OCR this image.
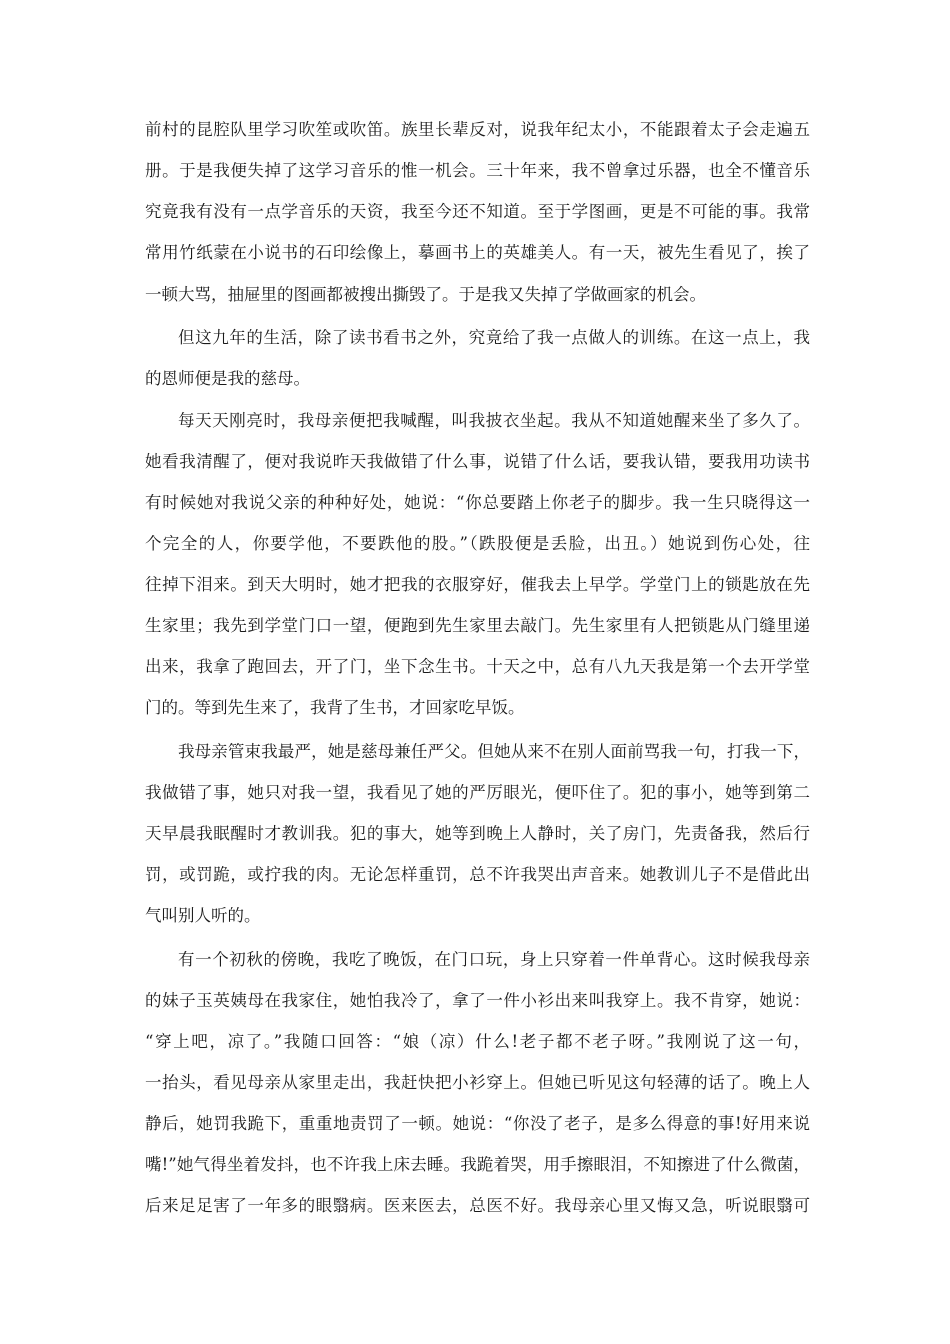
前村的昆腔队里学习吹笙或吹笛。族里长辈反对，说我年纪太小，不能跟着太子会走遍五
册。于是我便失掉了这学习音乐的惟一机会。三十年来，我不曾拿过乐器，也全不懂音乐
究竟我有没有一点学音乐的天资，我至今还不知道。至于学图画，更是不可能的事。我常
常用竹纸蒙在小说书的石印绘像上，摹画书上的英雄美人。有一天，被先生看见了，挨了
一顿大骂，抽屉里的图画都被搜出撕毁了。于是我又失掉了学做画家的机会。
但这九年的生活，除了读书看书之外，究竟给了我一点做人的训练。在这一点上，我
的恩师便是我的慈母。
每天天刚亮时，我母亲便把我喊醒，叫我披衣坐起。我从不知道她醒来坐了多久了。
她看我清醒了，便对我说昨天我做错了什么事，说错了什么话，要我认错，要我用功读书
有时候她对我说父亲的种种好处，她说：“你总要踏上你老子的脚步。我一生只晓得这一
个完全的人，你要学他，不要跌他的股。”（跌股便是丢脸，出丑。）她说到伤心处，往
往掉下泪来。到天大明时，她才把我的衣服穿好，催我去上早学。学堂门上的锁匙放在先
生家里；我先到学堂门口一望，便跑到先生家里去敲门。先生家里有人把锁匙从门缝里递
出来，我拿了跑回去，开了门，坐下念生书。十天之中，总有八九天我是第一个去开学堂
门的。等到先生来了，我背了生书，才回家吃早饭。
我母亲管束我最严，她是慈母兼任严父。但她从来不在别人面前骂我一句，打我一下，
我做错了事，她只对我一望，我看见了她的严厉眼光，便吓住了。犯的事小，她等到第二
天早晨我眠醒时才教训我。犯的事大，她等到晚上人静时，关了房门，先责备我，然后行
罚，或罚跪，或拧我的肉。无论怎样重罚，总不许我哭出声音来。她教训儿子不是借此出
气叫别人听的。
有一个初秋的傍晚，我吃了晚饭，在门口玩，身上只穿着一件单背心。这时候我母亲
的妹子玉英姨母在我家住，她怕我冷了，拿了一件小衫出来叫我穿上。我不肯穿，她说：
“穿上吧，凉了。”我随口回答：“娘（凉）什么!老子都不老子呀。”我刚说了这一句，
一抬头，看见母亲从家里走出，我赶快把小衫穿上。但她已听见这句轻薄的话了。晚上人
静后，她罚我跪下，重重地责罚了一顿。她说：“你没了老子，是多么得意的事!好用来说
嘴!”她气得坐着发抖，也不许我上床去睡。我跪着哭，用手擦眼泪，不知擦进了什么微菌，
后来足足害了一年多的眼翳病。医来医去，总医不好。我母亲心里又悔又急，听说眼翳可
